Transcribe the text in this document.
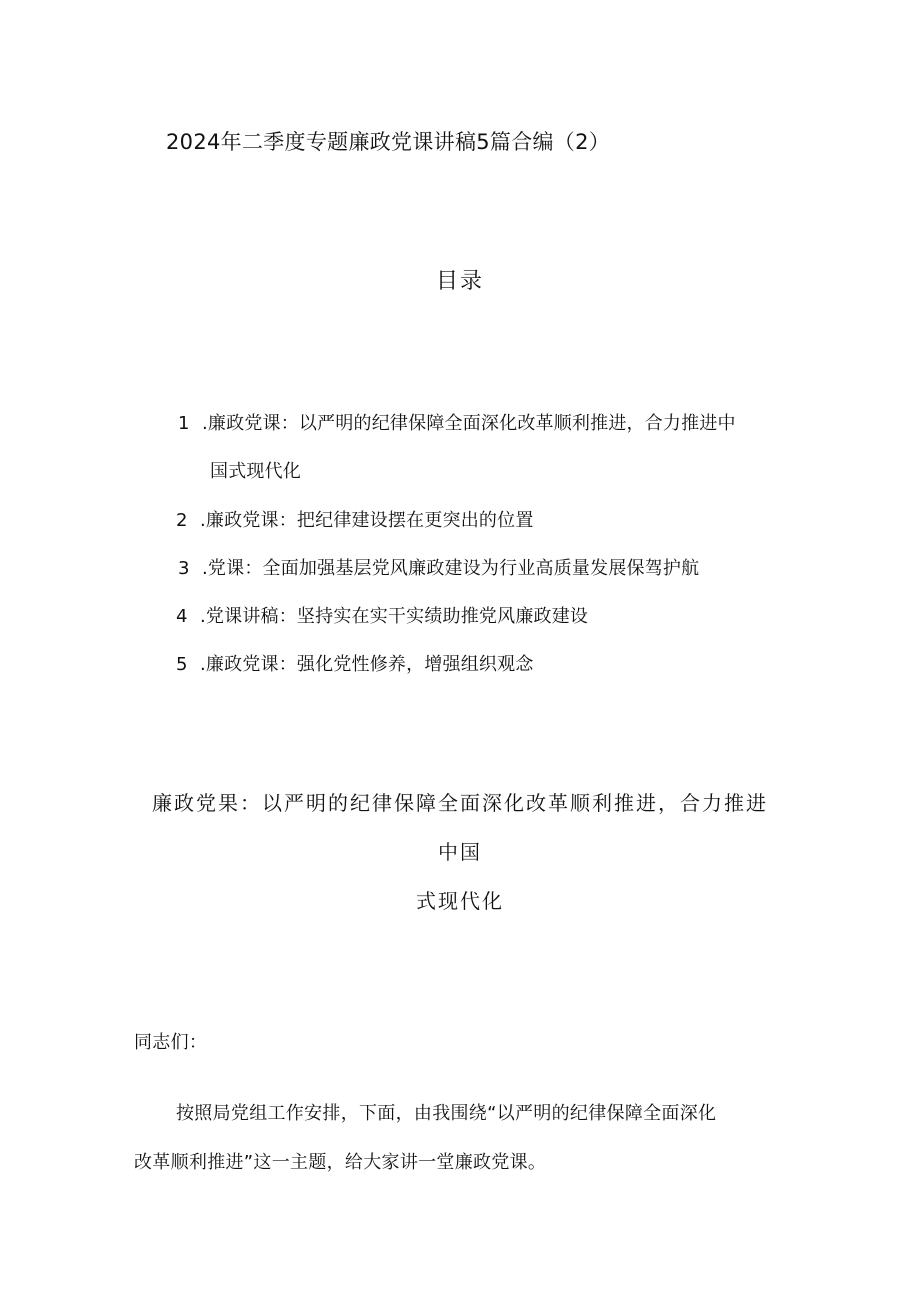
2024年二季度专题廉政党课讲稿5篇合编（2）
目录
1 .廉政党课：以严明的纪律保障全面深化改革顺利推进，合力推进中
国式现代化
2 .廉政党课：把纪律建设摆在更突出的位置
3 .党课：全面加强基层党风廉政建设为行业高质量发展保驾护航
4 .党课讲稿：坚持实在实干实绩助推党风廉政建设
5 .廉政党课：强化党性修养，增强组织观念
廉政党果：以严明的纪律保障全面深化改革顺利推进，合力推进
中国
式现代化
同志们：
按照局党组工作安排，下面，由我围绕“以严明的纪律保障全面深化
改革顺利推进”这一主题，给大家讲一堂廉政党课。
